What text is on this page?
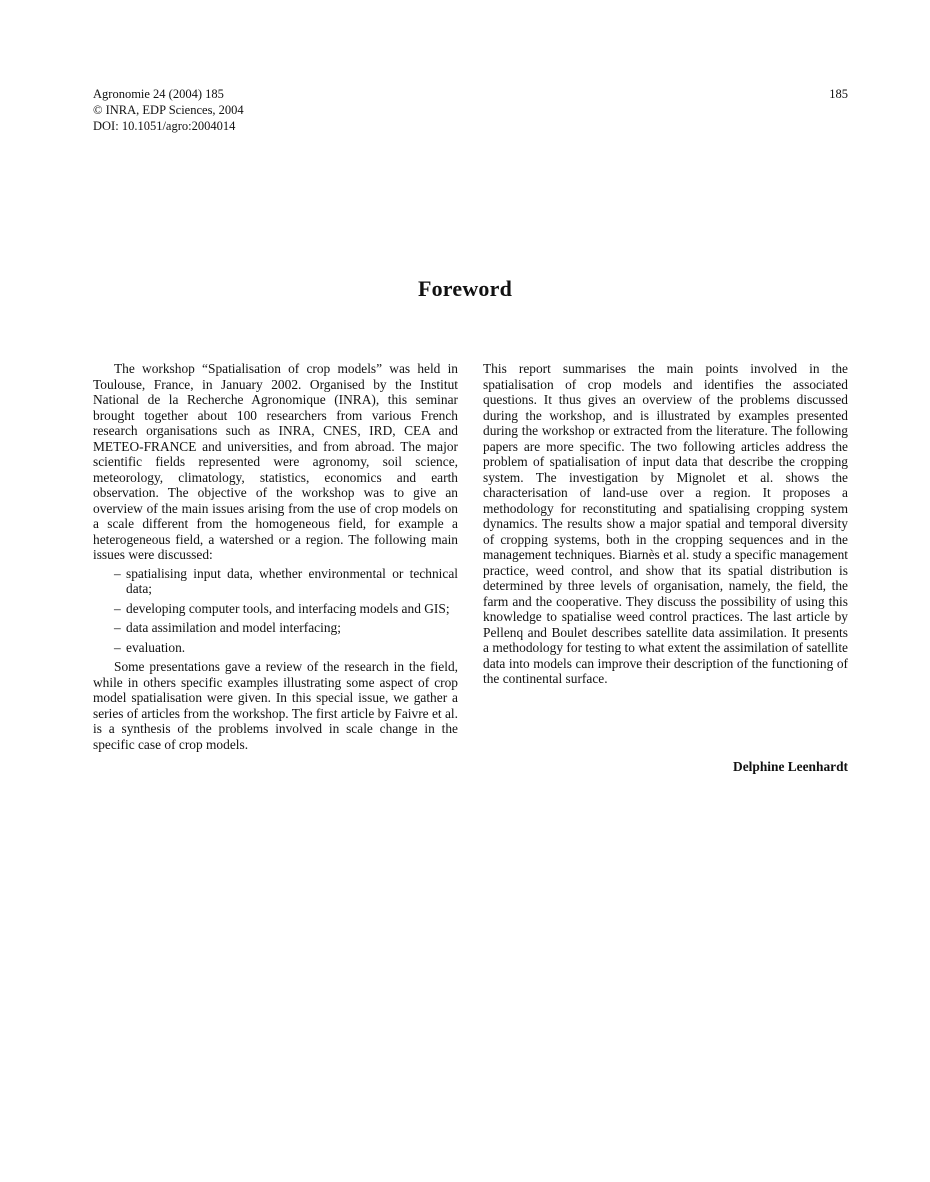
Agronomie 24 (2004) 185
© INRA, EDP Sciences, 2004
DOI: 10.1051/agro:2004014
185
Foreword

The workshop “Spatialisation of crop models” was held in Toulouse, France, in January 2002. Organised by the Institut National de la Recherche Agronomique (INRA), this seminar brought together about 100 researchers from various French research organisations such as INRA, CNES, IRD, CEA and METEO-FRANCE and universities, and from abroad. The major scientific fields represented were agronomy, soil science, meteorology, climatology, statistics, economics and earth observation. The objective of the workshop was to give an overview of the main issues arising from the use of crop models on a scale different from the homogeneous field, for example a heterogeneous field, a watershed or a region. The following main issues were discussed:

– spatialising input data, whether environmental or technical data;
– developing computer tools, and interfacing models and GIS;
– data assimilation and model interfacing;
– evaluation.

Some presentations gave a review of the research in the field, while in others specific examples illustrating some aspect of crop model spatialisation were given. In this special issue, we gather a series of articles from the workshop. The first article by Faivre et al. is a synthesis of the problems involved in scale change in the specific case of crop models.

This report summarises the main points involved in the spatialisation of crop models and identifies the associated questions. It thus gives an overview of the problems discussed during the workshop, and is illustrated by examples presented during the workshop or extracted from the literature. The following papers are more specific. The two following articles address the problem of spatialisation of input data that describe the cropping system. The investigation by Mignolet et al. shows the characterisation of land-use over a region. It proposes a methodology for reconstituting and spatialising cropping system dynamics. The results show a major spatial and temporal diversity of cropping systems, both in the cropping sequences and in the management techniques. Biarnès et al. study a specific management practice, weed control, and show that its spatial distribution is determined by three levels of organisation, namely, the field, the farm and the cooperative. They discuss the possibility of using this knowledge to spatialise weed control practices. The last article by Pellenq and Boulet describes satellite data assimilation. It presents a methodology for testing to what extent the assimilation of satellite data into models can improve their description of the functioning of the continental surface.

Delphine Leenhardt
